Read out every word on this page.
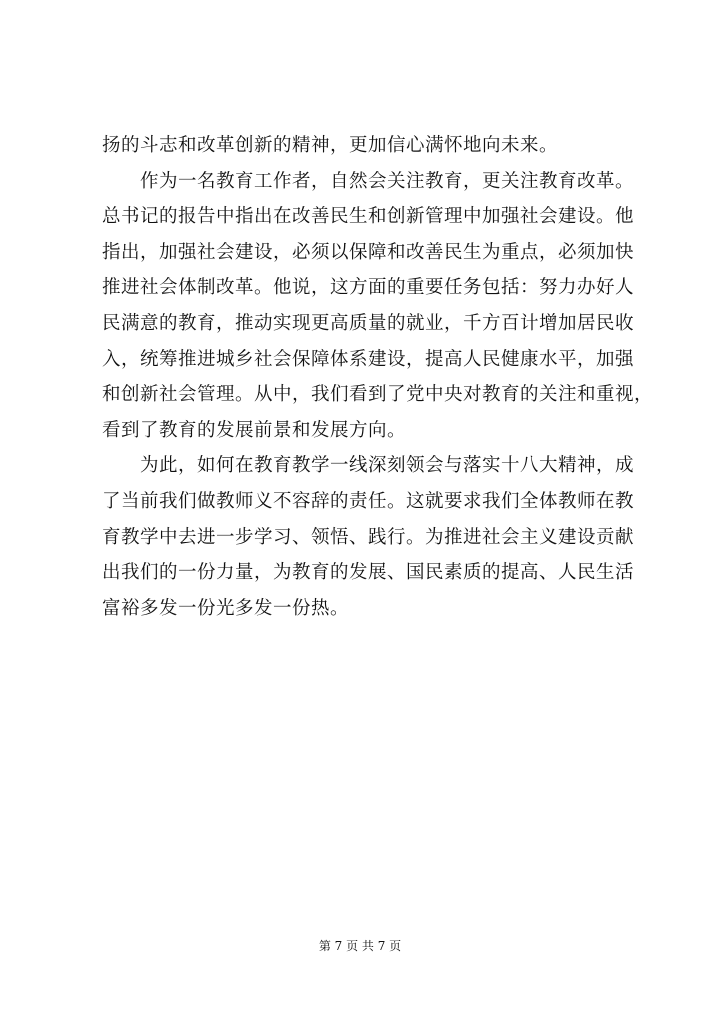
扬的斗志和改革创新的精神，更加信心满怀地向未来。
　　作为一名教育工作者，自然会关注教育，更关注教育改革。
总书记的报告中指出在改善民生和创新管理中加强社会建设。他
指出，加强社会建设，必须以保障和改善民生为重点，必须加快
推进社会体制改革。他说，这方面的重要任务包括：努力办好人
民满意的教育，推动实现更高质量的就业，千方百计增加居民收
入，统筹推进城乡社会保障体系建设，提高人民健康水平，加强
和创新社会管理。从中，我们看到了党中央对教育的关注和重视，
看到了教育的发展前景和发展方向。
　　为此，如何在教育教学一线深刻领会与落实十八大精神，成
了当前我们做教师义不容辞的责任。这就要求我们全体教师在教
育教学中去进一步学习、领悟、践行。为推进社会主义建设贡献
出我们的一份力量，为教育的发展、国民素质的提高、人民生活
富裕多发一份光多发一份热。
第 7 页 共 7 页
